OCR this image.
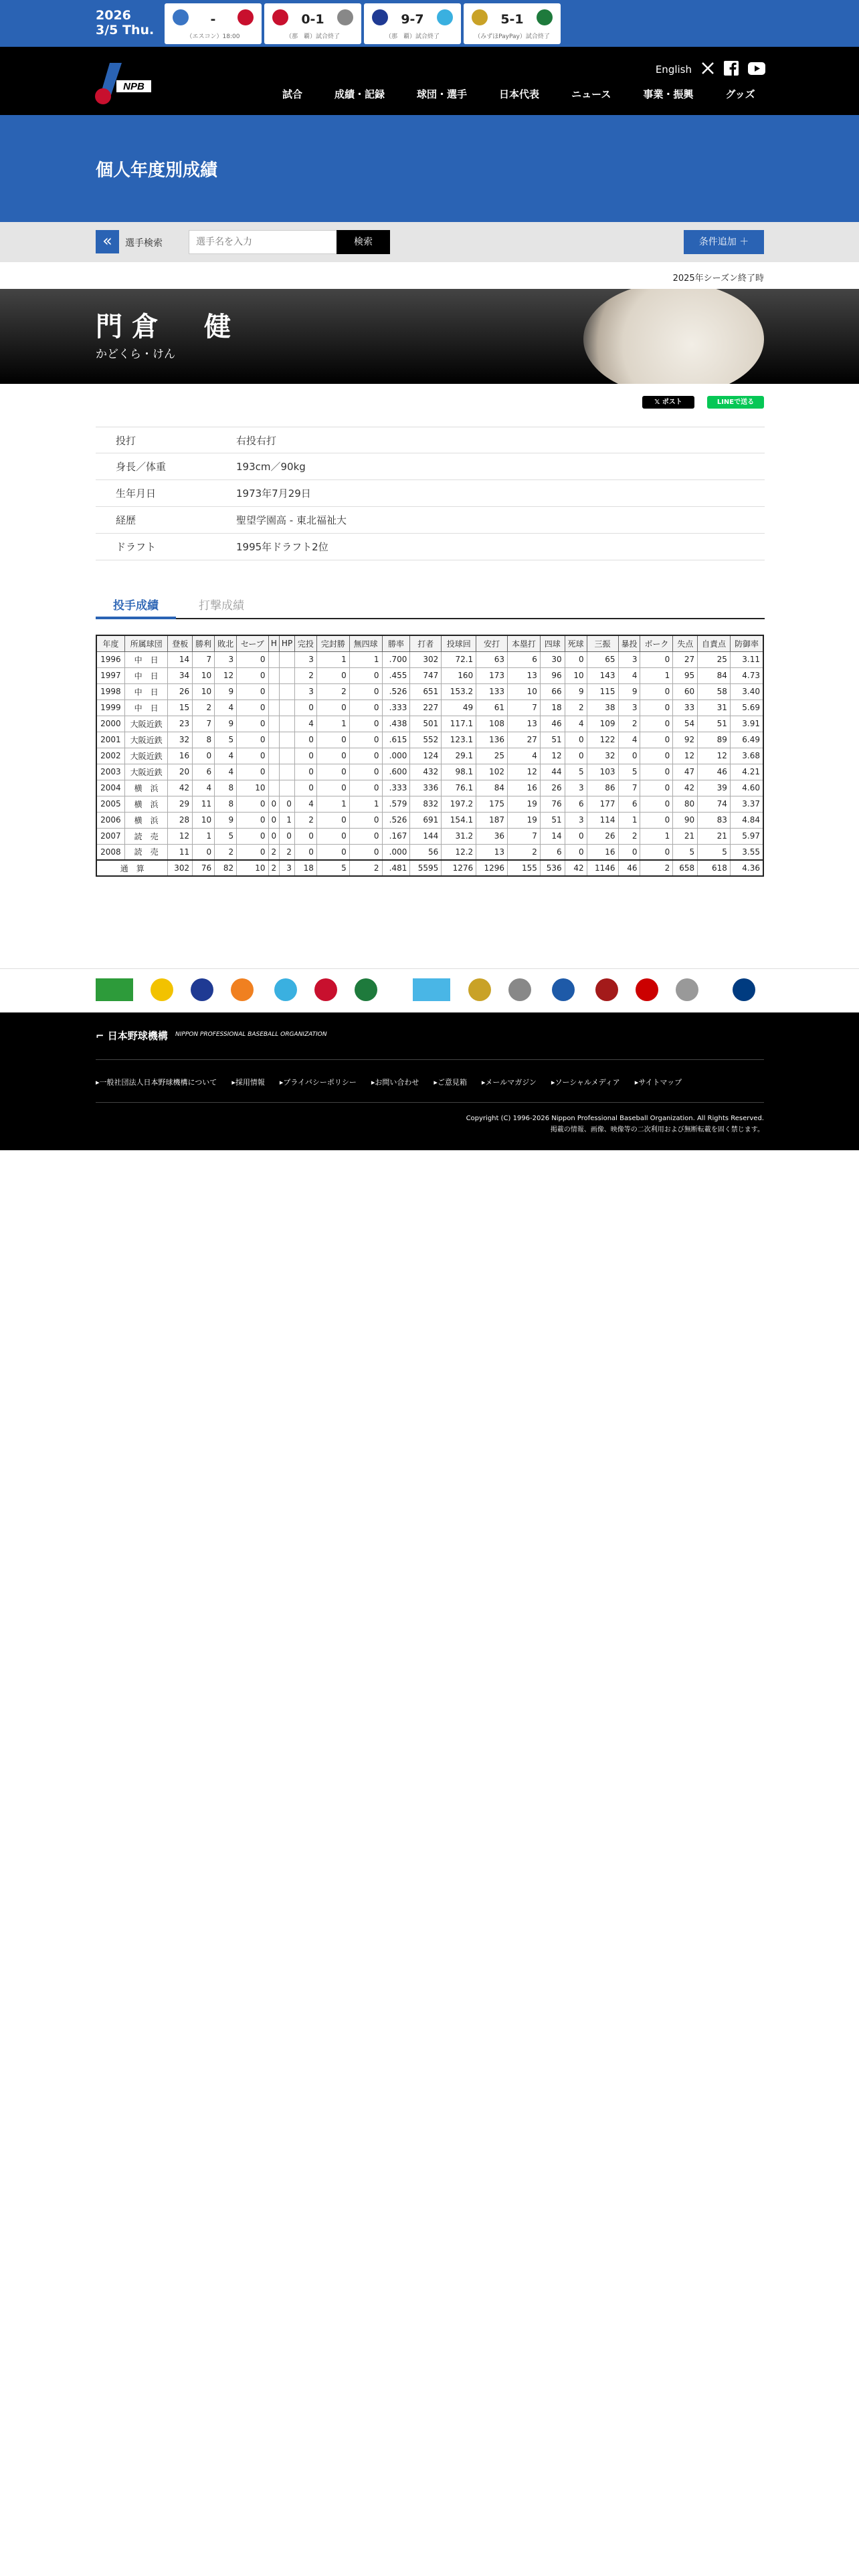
2026
3/5 Thu.
-
（エスコン）18:00
0-1
（那　覇）試合終了
9-7
（那　覇）試合終了
5-1
（みずほPayPay）試合終了
NPB
English
試合	成績・記録	球団・選手	日本代表	ニュース	事業・振興	グッズ
個人年度別成績
«	選手検索
選手名を入力	検索	条件追加 ＋
2025年シーズン終了時
門倉　健
かどくら・けん
𝕏 ポスト	LINEで送る
投打	右投右打
身長／体重	193cm／90kg
生年月日	1973年7月29日
経歴	聖望学園高 - 東北福祉大
ドラフト	1995年ドラフト2位
投手成績	打撃成績
年度	所属球団	登板	勝利	敗北	セーブ	H	HP	完投	完封勝	無四球	勝率	打者	投球回	安打	本塁打	四球	死球	三振	暴投	ボーク	失点	自責点	防御率
1996	中　日	14	7	3	0			3	1	1	.700	302	72.1	63	6	30	0	65	3	0	27	25	3.11
1997	中　日	34	10	12	0			2	0	0	.455	747	160	173	13	96	10	143	4	1	95	84	4.73
1998	中　日	26	10	9	0			3	2	0	.526	651	153.2	133	10	66	9	115	9	0	60	58	3.40
1999	中　日	15	2	4	0			0	0	0	.333	227	49	61	7	18	2	38	3	0	33	31	5.69
2000	大阪近鉄	23	7	9	0			4	1	0	.438	501	117.1	108	13	46	4	109	2	0	54	51	3.91
2001	大阪近鉄	32	8	5	0			0	0	0	.615	552	123.1	136	27	51	0	122	4	0	92	89	6.49
2002	大阪近鉄	16	0	4	0			0	0	0	.000	124	29.1	25	4	12	0	32	0	0	12	12	3.68
2003	大阪近鉄	20	6	4	0			0	0	0	.600	432	98.1	102	12	44	5	103	5	0	47	46	4.21
2004	横　浜	42	4	8	10			0	0	0	.333	336	76.1	84	16	26	3	86	7	0	42	39	4.60
2005	横　浜	29	11	8	0	0	0	4	1	1	.579	832	197.2	175	19	76	6	177	6	0	80	74	3.37
2006	横　浜	28	10	9	0	0	1	2	0	0	.526	691	154.1	187	19	51	3	114	1	0	90	83	4.84
2007	読　売	12	1	5	0	0	0	0	0	0	.167	144	31.2	36	7	14	0	26	2	1	21	21	5.97
2008	読　売	11	0	2	0	2	2	0	0	0	.000	56	12.2	13	2	6	0	16	0	0	5	5	3.55
通　算		302	76	82	10	2	3	18	5	2	.481	5595	1276	1296	155	536	42	1146	46	2	658	618	4.36
⌐ 日本野球機構 NIPPON PROFESSIONAL BASEBALL ORGANIZATION
▸一般社団法人日本野球機構について ▸採用情報 ▸プライバシーポリシー ▸お問い合わせ ▸ご意見箱 ▸メールマガジン ▸ソーシャルメディア ▸サイトマップ
Copyright (C) 1996-2026 Nippon Professional Baseball Organization. All Rights Reserved.
掲載の情報、画像、映像等の二次利用および無断転載を固く禁じます。
